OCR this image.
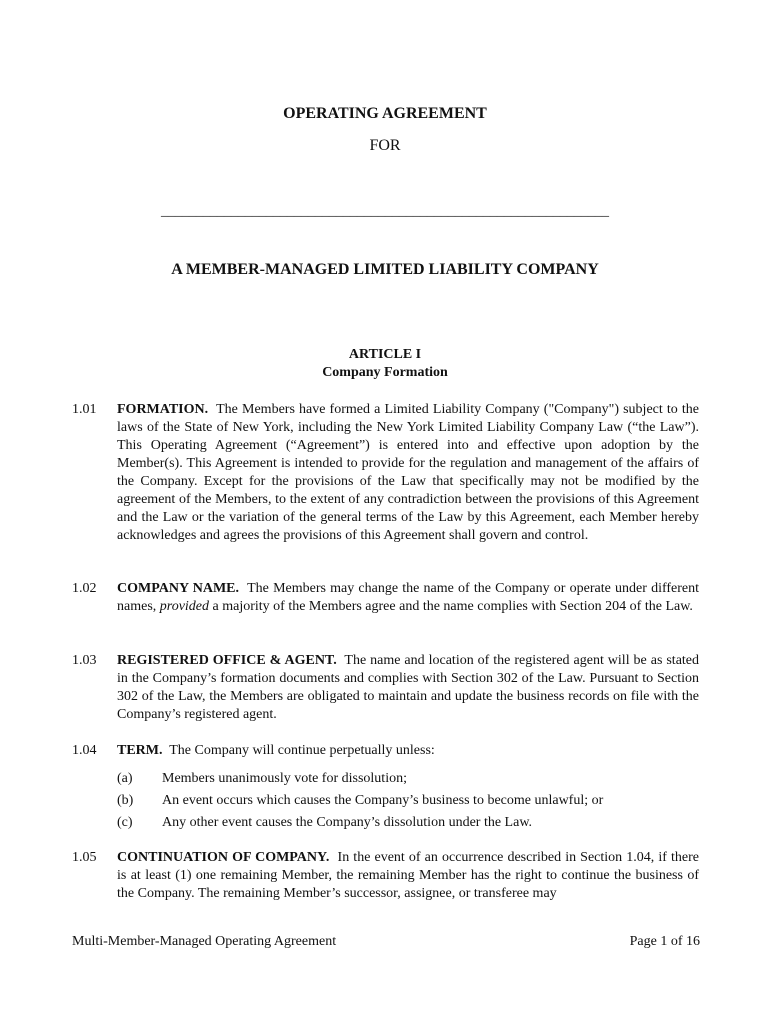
OPERATING AGREEMENT
FOR
________________________________________________________________
A MEMBER-MANAGED LIMITED LIABILITY COMPANY
ARTICLE I
Company Formation
1.01	FORMATION. The Members have formed a Limited Liability Company ("Company") subject to the laws of the State of New York, including the New York Limited Liability Company Law (“the Law”). This Operating Agreement (“Agreement”) is entered into and effective upon adoption by the Member(s). This Agreement is intended to provide for the regulation and management of the affairs of the Company. Except for the provisions of the Law that specifically may not be modified by the agreement of the Members, to the extent of any contradiction between the provisions of this Agreement and the Law or the variation of the general terms of the Law by this Agreement, each Member hereby acknowledges and agrees the provisions of this Agreement shall govern and control.
1.02	COMPANY NAME. The Members may change the name of the Company or operate under different names, provided a majority of the Members agree and the name complies with Section 204 of the Law.
1.03	REGISTERED OFFICE & AGENT. The name and location of the registered agent will be as stated in the Company’s formation documents and complies with Section 302 of the Law. Pursuant to Section 302 of the Law, the Members are obligated to maintain and update the business records on file with the Company’s registered agent.
1.04	TERM. The Company will continue perpetually unless:
(a) Members unanimously vote for dissolution;
(b) An event occurs which causes the Company’s business to become unlawful; or
(c) Any other event causes the Company’s dissolution under the Law.
1.05	CONTINUATION OF COMPANY. In the event of an occurrence described in Section 1.04, if there is at least (1) one remaining Member, the remaining Member has the right to continue the business of the Company. The remaining Member’s successor, assignee, or transferee may
Multi-Member-Managed Operating Agreement	Page 1 of 16
